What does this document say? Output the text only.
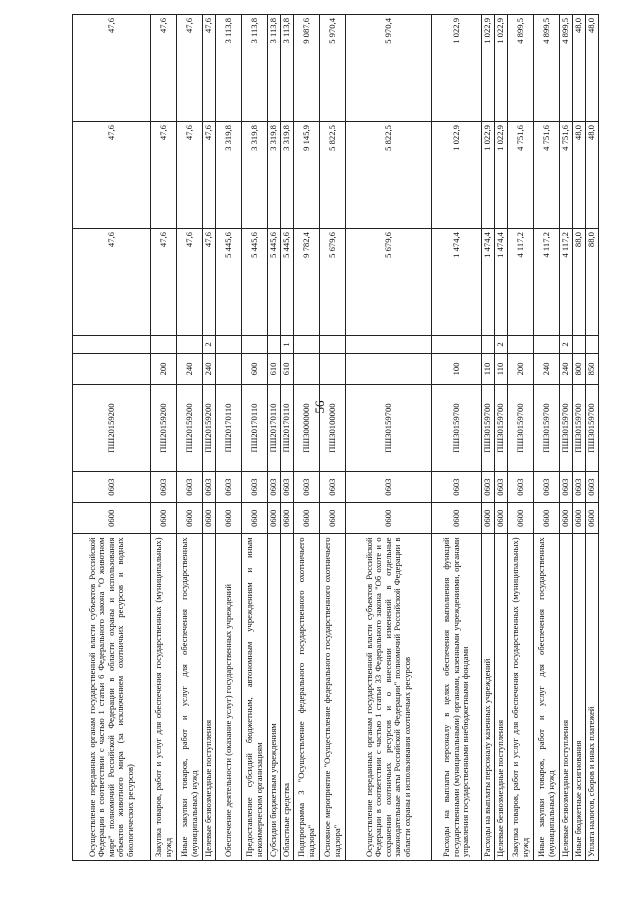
56
Осуществление переданных органам государственной власти субъектов Российской Федерации в соответствии с частью 1 статьи 6 Федерального закона "О животном мире" полномочий Российской Федерации в области охраны и использования объектов животного мира (за исключением охотничьих ресурсов и водных биологических ресурсов)	0600	0603	ПШ20159200			47,6	47,6	47,6
Закупка товаров, работ и услуг для обеспечения государственных (муниципальных) нужд	0600	0603	ПШ20159200	200		47,6	47,6	47,6
Иные закупки товаров, работ и услуг для обеспечения государственных (муниципальных) нужд	0600	0603	ПШ20159200	240		47,6	47,6	47,6
Целевые безвозмездные поступления	0600	0603	ПШ20159200	240	2	47,6	47,6	47,6
Обеспечение деятельности (оказание услуг) государственных учреждений	0600	0603	ПШ20170110			5 445,6	3 319,8	3 113,8
Предоставление субсидий бюджетным, автономным учреждениям и иным некоммерческим организациям	0600	0603	ПШ20170110	600		5 445,6	3 319,8	3 113,8
Субсидии бюджетным учреждениям	0600	0603	ПШ20170110	610		5 445,6	3 319,8	3 113,8
Областные средства	0600	0603	ПШ20170110	610	1	5 445,6	3 319,8	3 113,8
Подпрограмма 3 "Осуществление федерального государственного охотничьего надзора"	0600	0603	ПШ30000000			9 782,4	9 145,9	9 087,6
Основное мероприятие "Осуществление федерального государственного охотничьего надзора"	0600	0603	ПШ30100000			5 679,6	5 822,5	5 970,4
Осуществление переданных органам государственной власти субъектов Российской Федерации в соответствии с частью 1 статьи 33 Федерального закона "Об охоте и о сохранении охотничьих ресурсов и о внесении изменений в отдельные законодательные акты Российской Федерации" полномочий Российской Федерации в области охраны и использования охотничьих ресурсов	0600	0603	ПШ30159700			5 679,6	5 822,5	5 970,4
Расходы на выплаты персоналу в целях обеспечения выполнения функций государственными (муниципальными) органами, казенными учреждениями, органами управления государственными внебюджетными фондами	0600	0603	ПШ30159700	100		1 474,4	1 022,9	1 022,9
Расходы на выплаты персоналу казенных учреждений	0600	0603	ПШ30159700	110		1 474,4	1 022,9	1 022,9
Целевые безвозмездные поступления	0600	0603	ПШ30159700	110	2	1 474,4	1 022,9	1 022,9
Закупка товаров, работ и услуг для обеспечения государственных (муниципальных) нужд	0600	0603	ПШ30159700	200		4 117,2	4 751,6	4 899,5
Иные закупки товаров, работ и услуг для обеспечения государственных (муниципальных) нужд	0600	0603	ПШ30159700	240		4 117,2	4 751,6	4 899,5
Целевые безвозмездные поступления	0600	0603	ПШ30159700	240	2	4 117,2	4 751,6	4 899,5
Иные бюджетные ассигнования	0600	0603	ПШ30159700	800		88,0	48,0	48,0
Уплата налогов, сборов и иных платежей	0600	0603	ПШ30159700	850		88,0	48,0	48,0
